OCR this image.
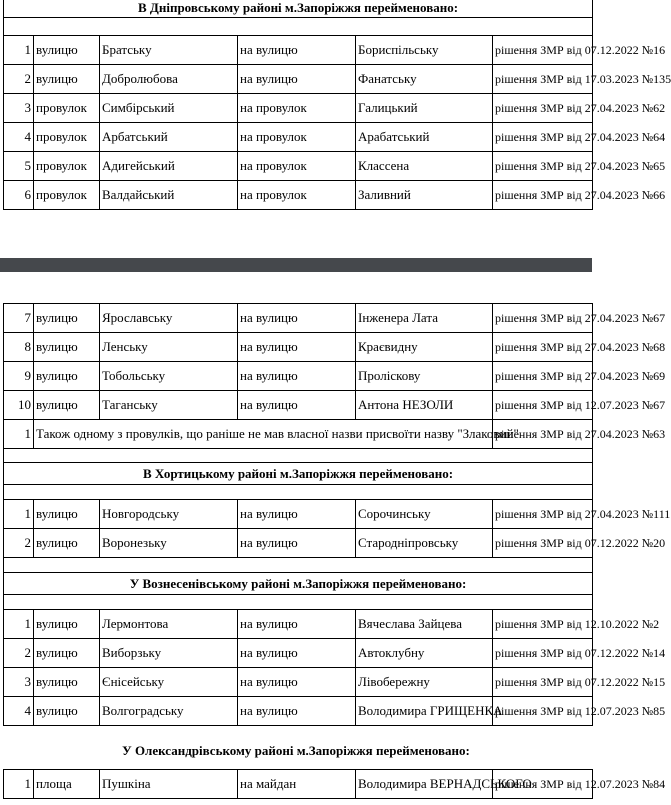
В Дніпровському районі м.Запоріжжя перейменовано:					

1	вулицю	Братську	на вулицю	Бориспільську	рішення ЗМР від 07.12.2022 №16
2	вулицю	Добролюбова	на вулицю	Фанатську	рішення ЗМР від 17.03.2023 №135
3	провулок	Симбірський	на провулок	Галицький	рішення ЗМР від 27.04.2023 №62
4	провулок	Арбатський	на провулок	Арабатський	рішення ЗМР від 27.04.2023 №64
5	провулок	Адигейський	на провулок	Классена	рішення ЗМР від 27.04.2023 №65
6	провулок	Валдайський	на провулок	Заливний	рішення ЗМР від 27.04.2023 №66
7	вулицю	Ярославську	на вулицю	Інженера Лата	рішення ЗМР від 27.04.2023 №67
8	вулицю	Ленську	на вулицю	Краєвидну	рішення ЗМР від 27.04.2023 №68
9	вулицю	Тобольську	на вулицю	Проліскову	рішення ЗМР від 27.04.2023 №69
10	вулицю	Таганську	на вулицю	Антона НЕЗОЛИ	рішення ЗМР від 12.07.2023 №67
1	Також одному з провулків, що раніше не мав власної назви присвоїти назву "Злаковий"				рішення ЗМР від 27.04.2023 №63

В Хортицькому районі м.Запоріжжя перейменовано:					

1	вулицю	Новгородську	на вулицю	Сорочинську	рішення ЗМР від 27.04.2023 №111
2	вулицю	Воронезьку	на вулицю	Стародніпровську	рішення ЗМР від 07.12.2022 №20

У Вознесенівському районі м.Запоріжжя перейменовано:					

1	вулицю	Лермонтова	на вулицю	Вячеслава Зайцева	рішення ЗМР від 12.10.2022 №2
2	вулицю	Виборзьку	на вулицю	Автоклубну	рішення ЗМР від 07.12.2022 №14
3	вулицю	Єнісейську	на вулицю	Лівобережну	рішення ЗМР від 07.12.2022 №15
4	вулицю	Волгоградську	на вулицю	Володимира ГРИЩЕНКА	рішення ЗМР від 12.07.2023 №85
У Олександрівському районі м.Запоріжжя перейменовано:
1	площа	Пушкіна	на майдан	Володимира ВЕРНАДСЬКОГО	рішення ЗМР від 12.07.2023 №84
